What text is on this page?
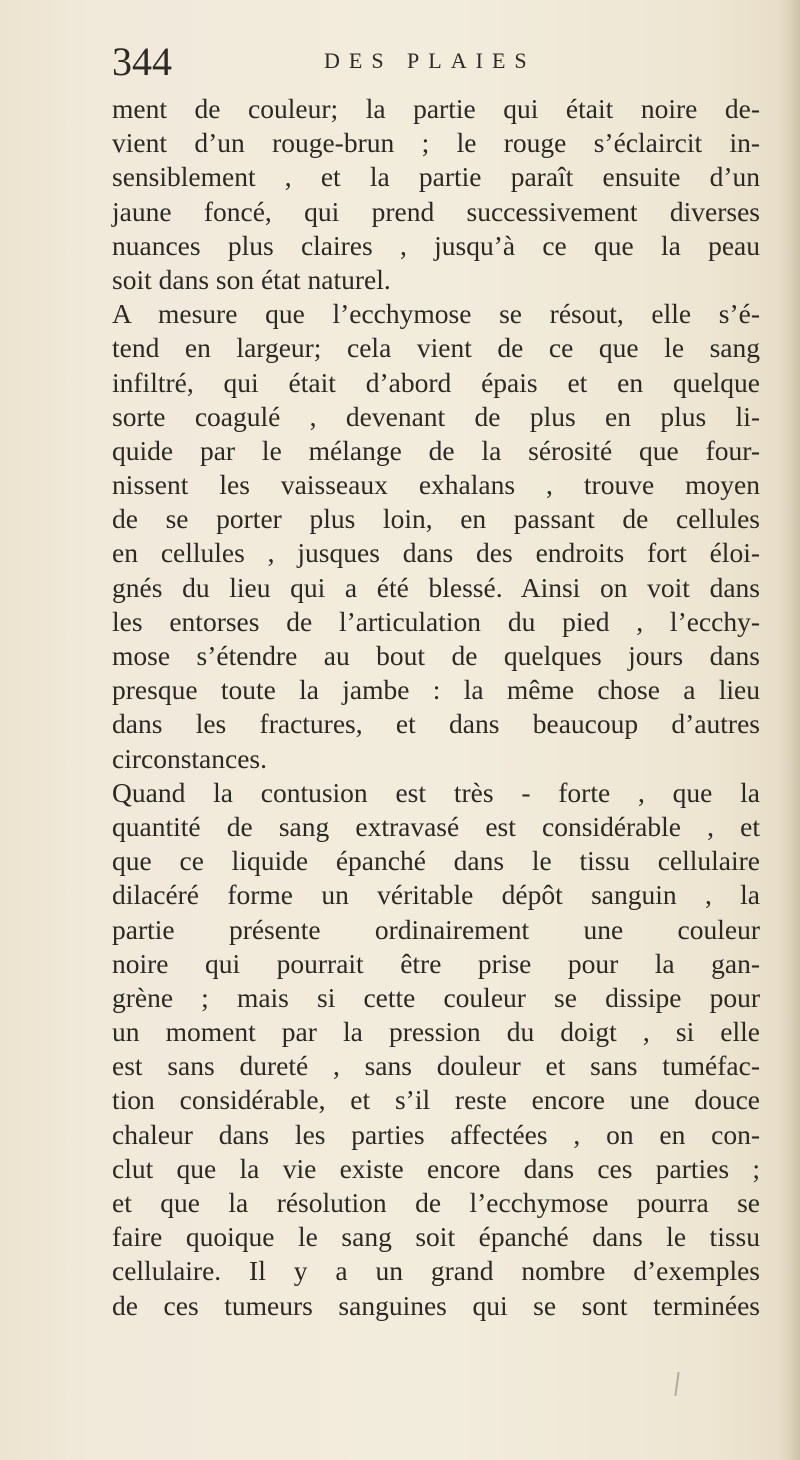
344	DES PLAIES
ment de couleur; la partie qui était noire de-
vient d’un rouge-brun ; le rouge s’éclaircit in-
sensiblement , et la partie paraît ensuite d’un
jaune foncé, qui prend successivement diverses
nuances plus claires , jusqu’à ce que la peau
soit dans son état naturel.
A mesure que l’ecchymose se résout, elle s’é-
tend en largeur; cela vient de ce que le sang
infiltré, qui était d’abord épais et en quelque
sorte coagulé , devenant de plus en plus li-
quide par le mélange de la sérosité que four-
nissent les vaisseaux exhalans , trouve moyen
de se porter plus loin, en passant de cellules
en cellules , jusques dans des endroits fort éloi-
gnés du lieu qui a été blessé. Ainsi on voit dans
les entorses de l’articulation du pied , l’ecchy-
mose s’étendre au bout de quelques jours dans
presque toute la jambe : la même chose a lieu
dans les fractures, et dans beaucoup d’autres
circonstances.
Quand la contusion est très - forte , que la
quantité de sang extravasé est considérable , et
que ce liquide épanché dans le tissu cellulaire
dilacéré forme un véritable dépôt sanguin , la
partie présente ordinairement une couleur
noire qui pourrait être prise pour la gan-
grène ; mais si cette couleur se dissipe pour
un moment par la pression du doigt , si elle
est sans dureté , sans douleur et sans tuméfac-
tion considérable, et s’il reste encore une douce
chaleur dans les parties affectées , on en con-
clut que la vie existe encore dans ces parties ;
et que la résolution de l’ecchymose pourra se
faire quoique le sang soit épanché dans le tissu
cellulaire. Il y a un grand nombre d’exemples
de ces tumeurs sanguines qui se sont terminées
